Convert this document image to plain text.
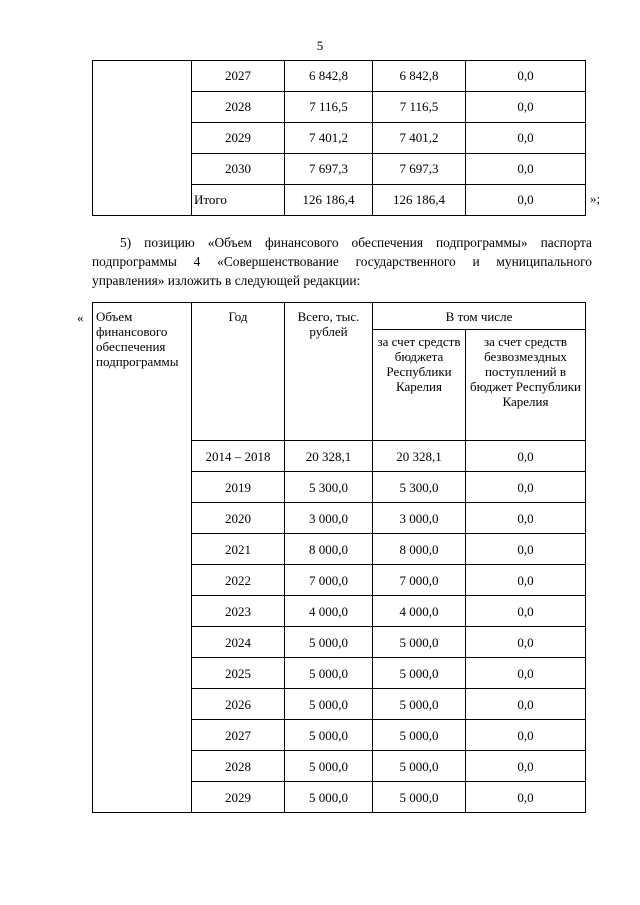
5
	2027	6 842,8	6 842,8	0,0
	2028	7 116,5	7 116,5	0,0
	2029	7 401,2	7 401,2	0,0
	2030	7 697,3	7 697,3	0,0
	Итого	126 186,4	126 186,4	0,0	»;
5) позицию «Объем финансового обеспечения подпрограммы» паспорта подпрограммы 4 «Совершенствование государственного и муниципального управления» изложить в следующей редакции:
« Объем финансового обеспечения подпрограммы	Год	Всего, тыс. рублей	В том числе	
			за счет средств бюджета Республики Карелия	за счет средств безвозмездных поступлений в бюджет Республики Карелия
	2014 – 2018	20 328,1	20 328,1	0,0
	2019	5 300,0	5 300,0	0,0
	2020	3 000,0	3 000,0	0,0
	2021	8 000,0	8 000,0	0,0
	2022	7 000,0	7 000,0	0,0
	2023	4 000,0	4 000,0	0,0
	2024	5 000,0	5 000,0	0,0
	2025	5 000,0	5 000,0	0,0
	2026	5 000,0	5 000,0	0,0
	2027	5 000,0	5 000,0	0,0
	2028	5 000,0	5 000,0	0,0
	2029	5 000,0	5 000,0	0,0
